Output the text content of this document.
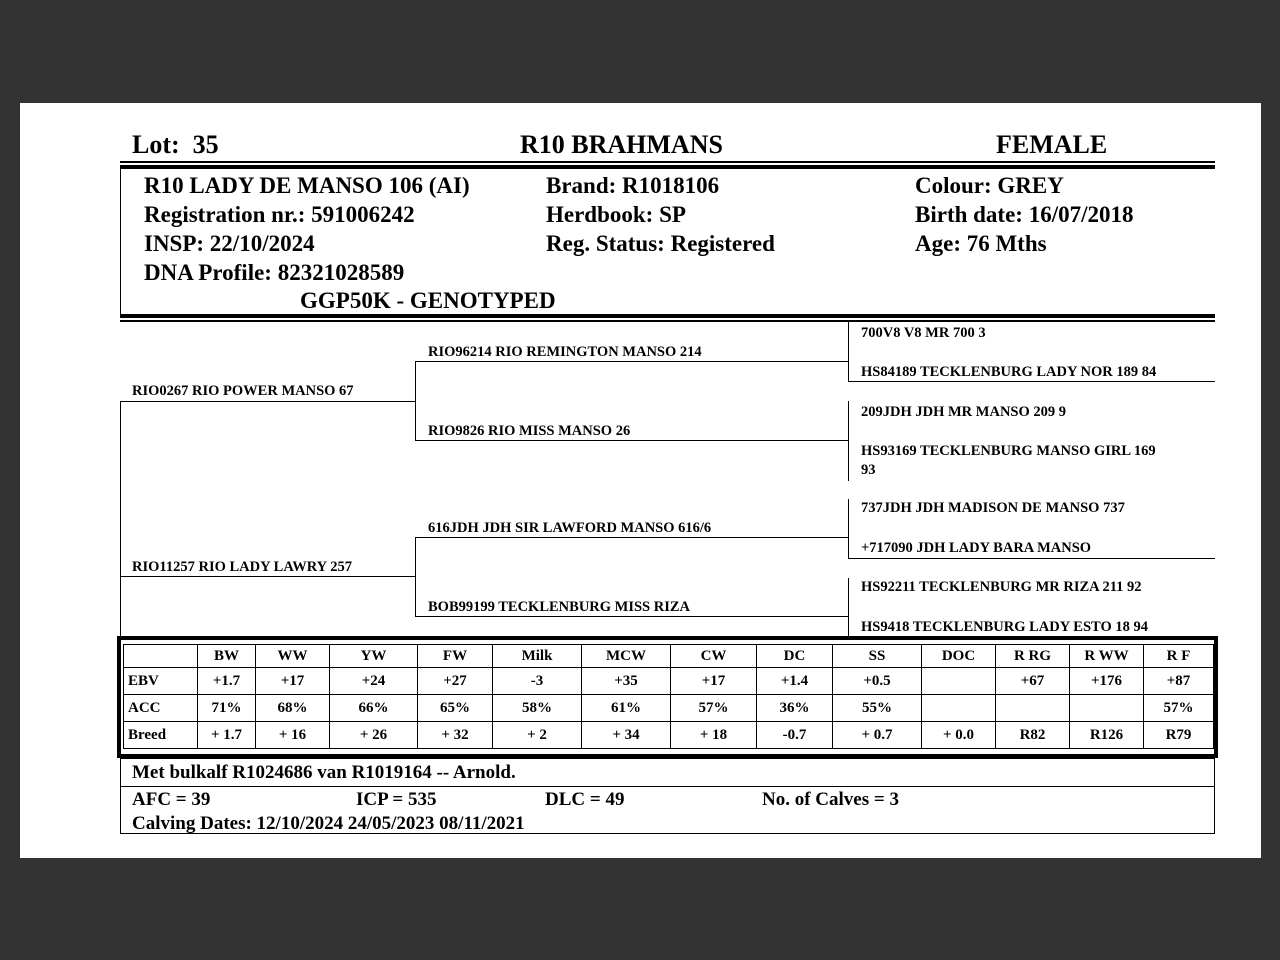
Lot: 35	R10 BRAHMANS	FEMALE
R10 LADY DE MANSO 106 (AI)
Registration nr.: 591006242
INSP: 22/10/2024
DNA Profile: 82321028589
GGP50K - GENOTYPED
Brand: R1018106
Herdbook: SP
Reg. Status: Registered
Colour: GREY
Birth date: 16/07/2018
Age: 76 Mths
RIO0267 RIO POWER MANSO 67
RIO11257 RIO LADY LAWRY 257
RIO96214 RIO REMINGTON MANSO 214
RIO9826 RIO MISS MANSO 26
616JDH JDH SIR LAWFORD MANSO 616/6
BOB99199 TECKLENBURG MISS RIZA
700V8 V8 MR 700 3
HS84189 TECKLENBURG LADY NOR 189 84
209JDH JDH MR MANSO 209 9
HS93169 TECKLENBURG MANSO GIRL 169
93
737JDH JDH MADISON DE MANSO 737
+717090 JDH LADY BARA MANSO
HS92211 TECKLENBURG MR RIZA 211 92
HS9418 TECKLENBURG LADY ESTO 18 94
	BW	WW	YW	FW	Milk	MCW	CW	DC	SS	DOC	R RG	R WW	R F
EBV	+1.7	+17	+24	+27	-3	+35	+17	+1.4	+0.5		+67	+176	+87
ACC	71%	68%	66%	65%	58%	61%	57%	36%	55%				57%
Breed	+ 1.7	+ 16	+ 26	+ 32	+ 2	+ 34	+ 18	-0.7	+ 0.7	+ 0.0	R82	R126	R79
Met bulkalf R1024686 van R1019164 -- Arnold.
AFC = 39	ICP = 535	DLC = 49	No. of Calves = 3
Calving Dates: 12/10/2024 24/05/2023 08/11/2021
